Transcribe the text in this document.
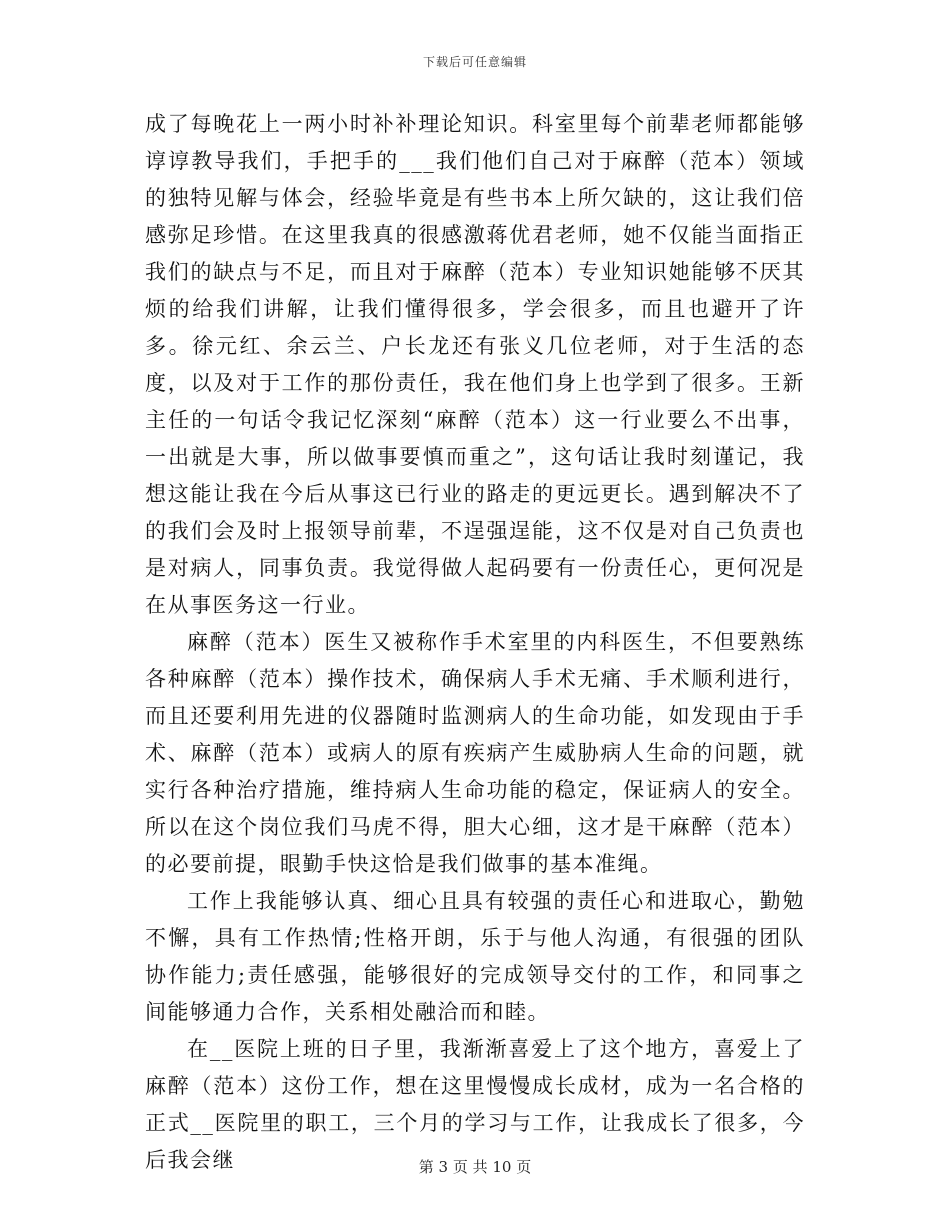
下载后可任意编辑

成了每晚花上一两小时补补理论知识。科室里每个前辈老师都能够谆谆教导我们，手把手的___我们他们自己对于麻醉（范本）领域的独特见解与体会，经验毕竟是有些书本上所欠缺的，这让我们倍感弥足珍惜。在这里我真的很感激蒋优君老师，她不仅能当面指正我们的缺点与不足，而且对于麻醉（范本）专业知识她能够不厌其烦的给我们讲解，让我们懂得很多，学会很多，而且也避开了许多。徐元红、余云兰、户长龙还有张义几位老师，对于生活的态度，以及对于工作的那份责任，我在他们身上也学到了很多。王新主任的一句话令我记忆深刻“麻醉（范本）这一行业要么不出事，一出就是大事，所以做事要慎而重之”，这句话让我时刻谨记，我想这能让我在今后从事这已行业的路走的更远更长。遇到解决不了的我们会及时上报领导前辈，不逞强逞能，这不仅是对自己负责也是对病人，同事负责。我觉得做人起码要有一份责任心，更何况是在从事医务这一行业。

麻醉（范本）医生又被称作手术室里的内科医生，不但要熟练各种麻醉（范本）操作技术，确保病人手术无痛、手术顺利进行，而且还要利用先进的仪器随时监测病人的生命功能，如发现由于手术、麻醉（范本）或病人的原有疾病产生威胁病人生命的问题，就实行各种治疗措施，维持病人生命功能的稳定，保证病人的安全。所以在这个岗位我们马虎不得，胆大心细，这才是干麻醉（范本）的必要前提，眼勤手快这恰是我们做事的基本准绳。

工作上我能够认真、细心且具有较强的责任心和进取心，勤勉不懈，具有工作热情;性格开朗，乐于与他人沟通，有很强的团队协作能力;责任感强，能够很好的完成领导交付的工作，和同事之间能够通力合作，关系相处融洽而和睦。

在__医院上班的日子里，我渐渐喜爱上了这个地方，喜爱上了麻醉（范本）这份工作，想在这里慢慢成长成材，成为一名合格的正式__医院里的职工，三个月的学习与工作，让我成长了很多，今后我会继	第 3 页 共 10 页
